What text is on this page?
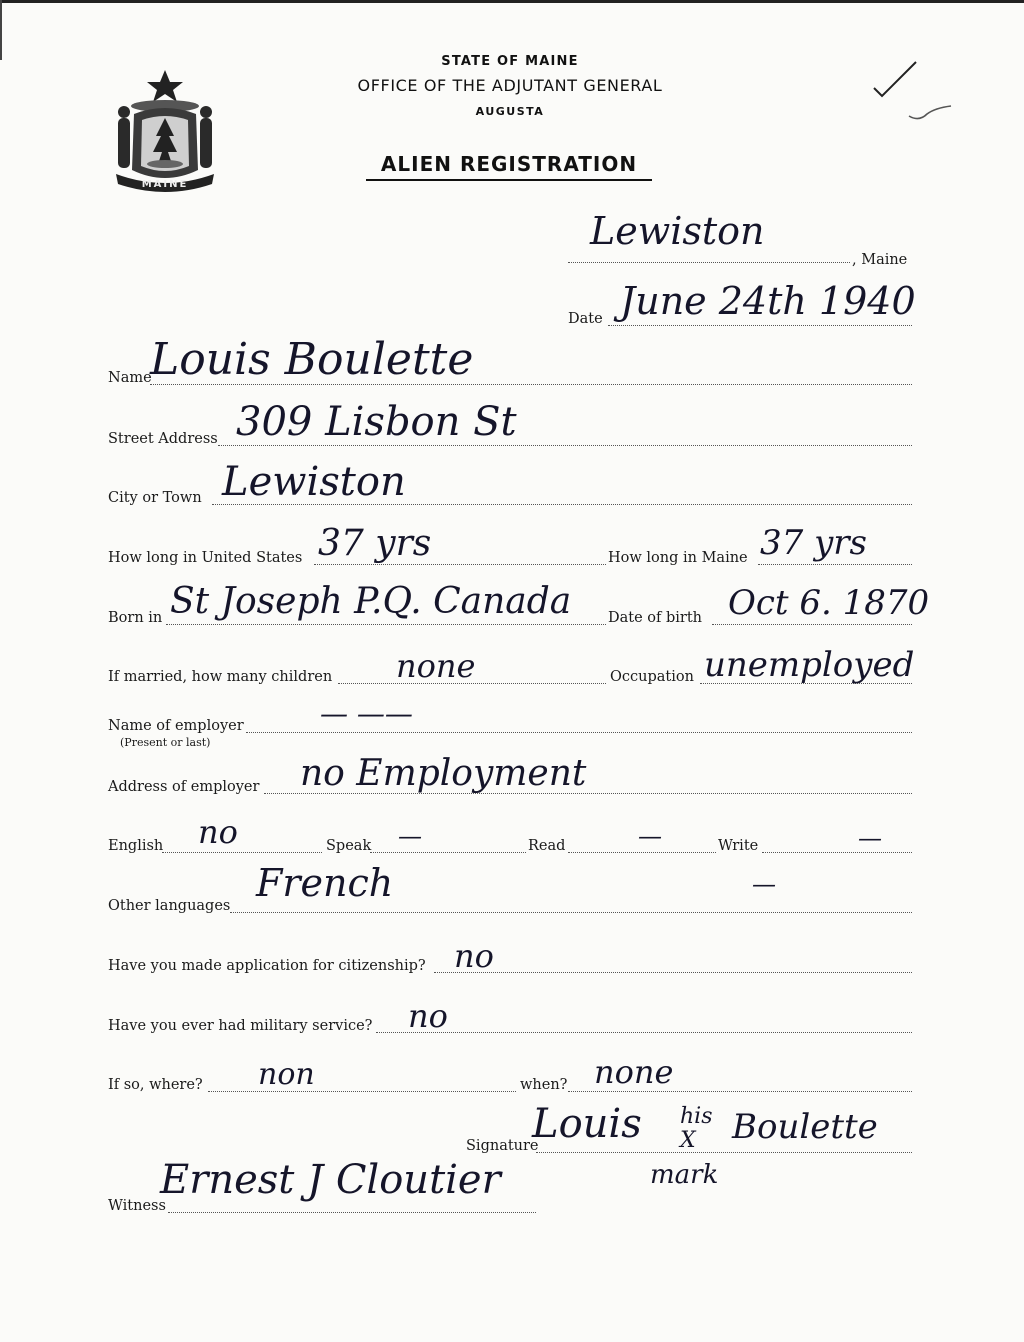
MAINE
STATE OF MAINE
OFFICE OF THE ADJUTANT GENERAL
AUGUSTA
ALIEN REGISTRATION
Lewiston
, Maine
Date June 24th 1940
Name
Louis Boulette
Street Address 309 Lisbon St
City or Town Lewiston
How long in United States 37 yrs	How long in Maine 37 yrs
Born in St Joseph P.Q. Canada	Date of birth Oct 6. 1870
If married, how many children none	Occupation unemployed
Name of employer
(Present or last)
— ——
Address of employer no Employment
English no	Speak —	Read	—	Write	—
Other languages
French	—
Have you made application for citizenship? no
Have you ever had military service? no
If so, where? non	when? none
Signature
Louis his
X Boulette
mark
Witness
Ernest J Cloutier
